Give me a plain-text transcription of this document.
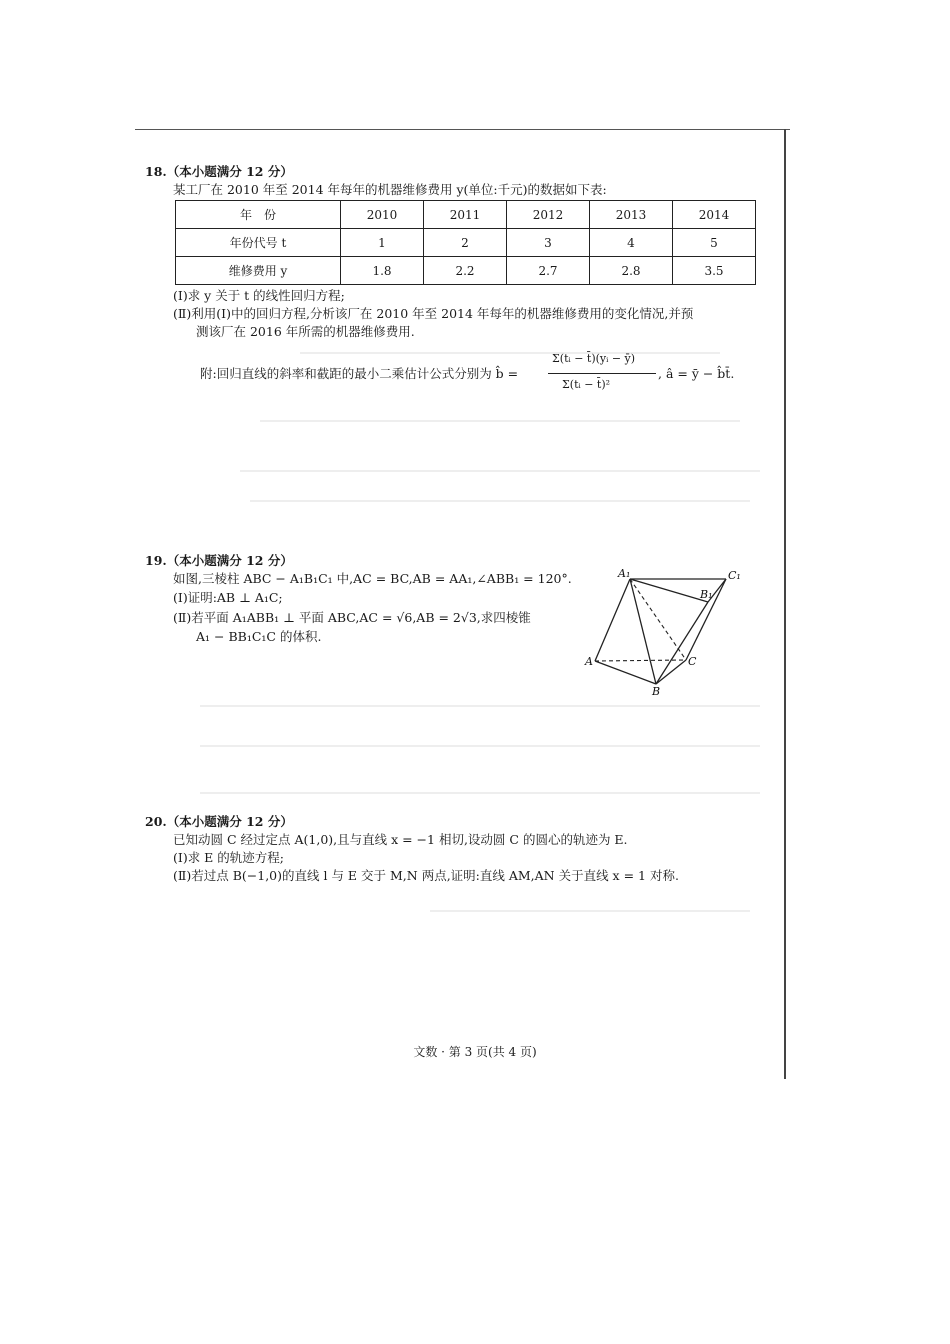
18.（本小题满分 12 分）
某工厂在 2010 年至 2014 年每年的机器维修费用 y(单位:千元)的数据如下表:
年　份	2010	2011	2012	2013	2014
年份代号 t	1	2	3	4	5
维修费用 y	1.8	2.2	2.7	2.8	3.5
(Ⅰ)求 y 关于 t 的线性回归方程;
(Ⅱ)利用(Ⅰ)中的回归方程,分析该厂在 2010 年至 2014 年每年的机器维修费用的变化情况,并预
测该厂在 2016 年所需的机器维修费用.
附:回归直线的斜率和截距的最小二乘估计公式分别为 b̂ =
Σ(tᵢ − t̄)(yᵢ − ȳ)
Σ(tᵢ − t̄)²
, â = ȳ − b̂t̄.
19.（本小题满分 12 分）
如图,三棱柱 ABC − A₁B₁C₁ 中,AC = BC,AB = AA₁,∠ABB₁ = 120°.
(Ⅰ)证明:AB ⊥ A₁C;
(Ⅱ)若平面 A₁ABB₁ ⊥ 平面 ABC,AC = √6,AB = 2√3,求四棱锥
A₁ − BB₁C₁C 的体积.
A₁	C₁
B₁
A	C
B
20.（本小题满分 12 分）
已知动圆 C 经过定点 A(1,0),且与直线 x = −1 相切,设动圆 C 的圆心的轨迹为 E.
(Ⅰ)求 E 的轨迹方程;
(Ⅱ)若过点 B(−1,0)的直线 l 与 E 交于 M,N 两点,证明:直线 AM,AN 关于直线 x = 1 对称.
文数 · 第 3 页(共 4 页)
